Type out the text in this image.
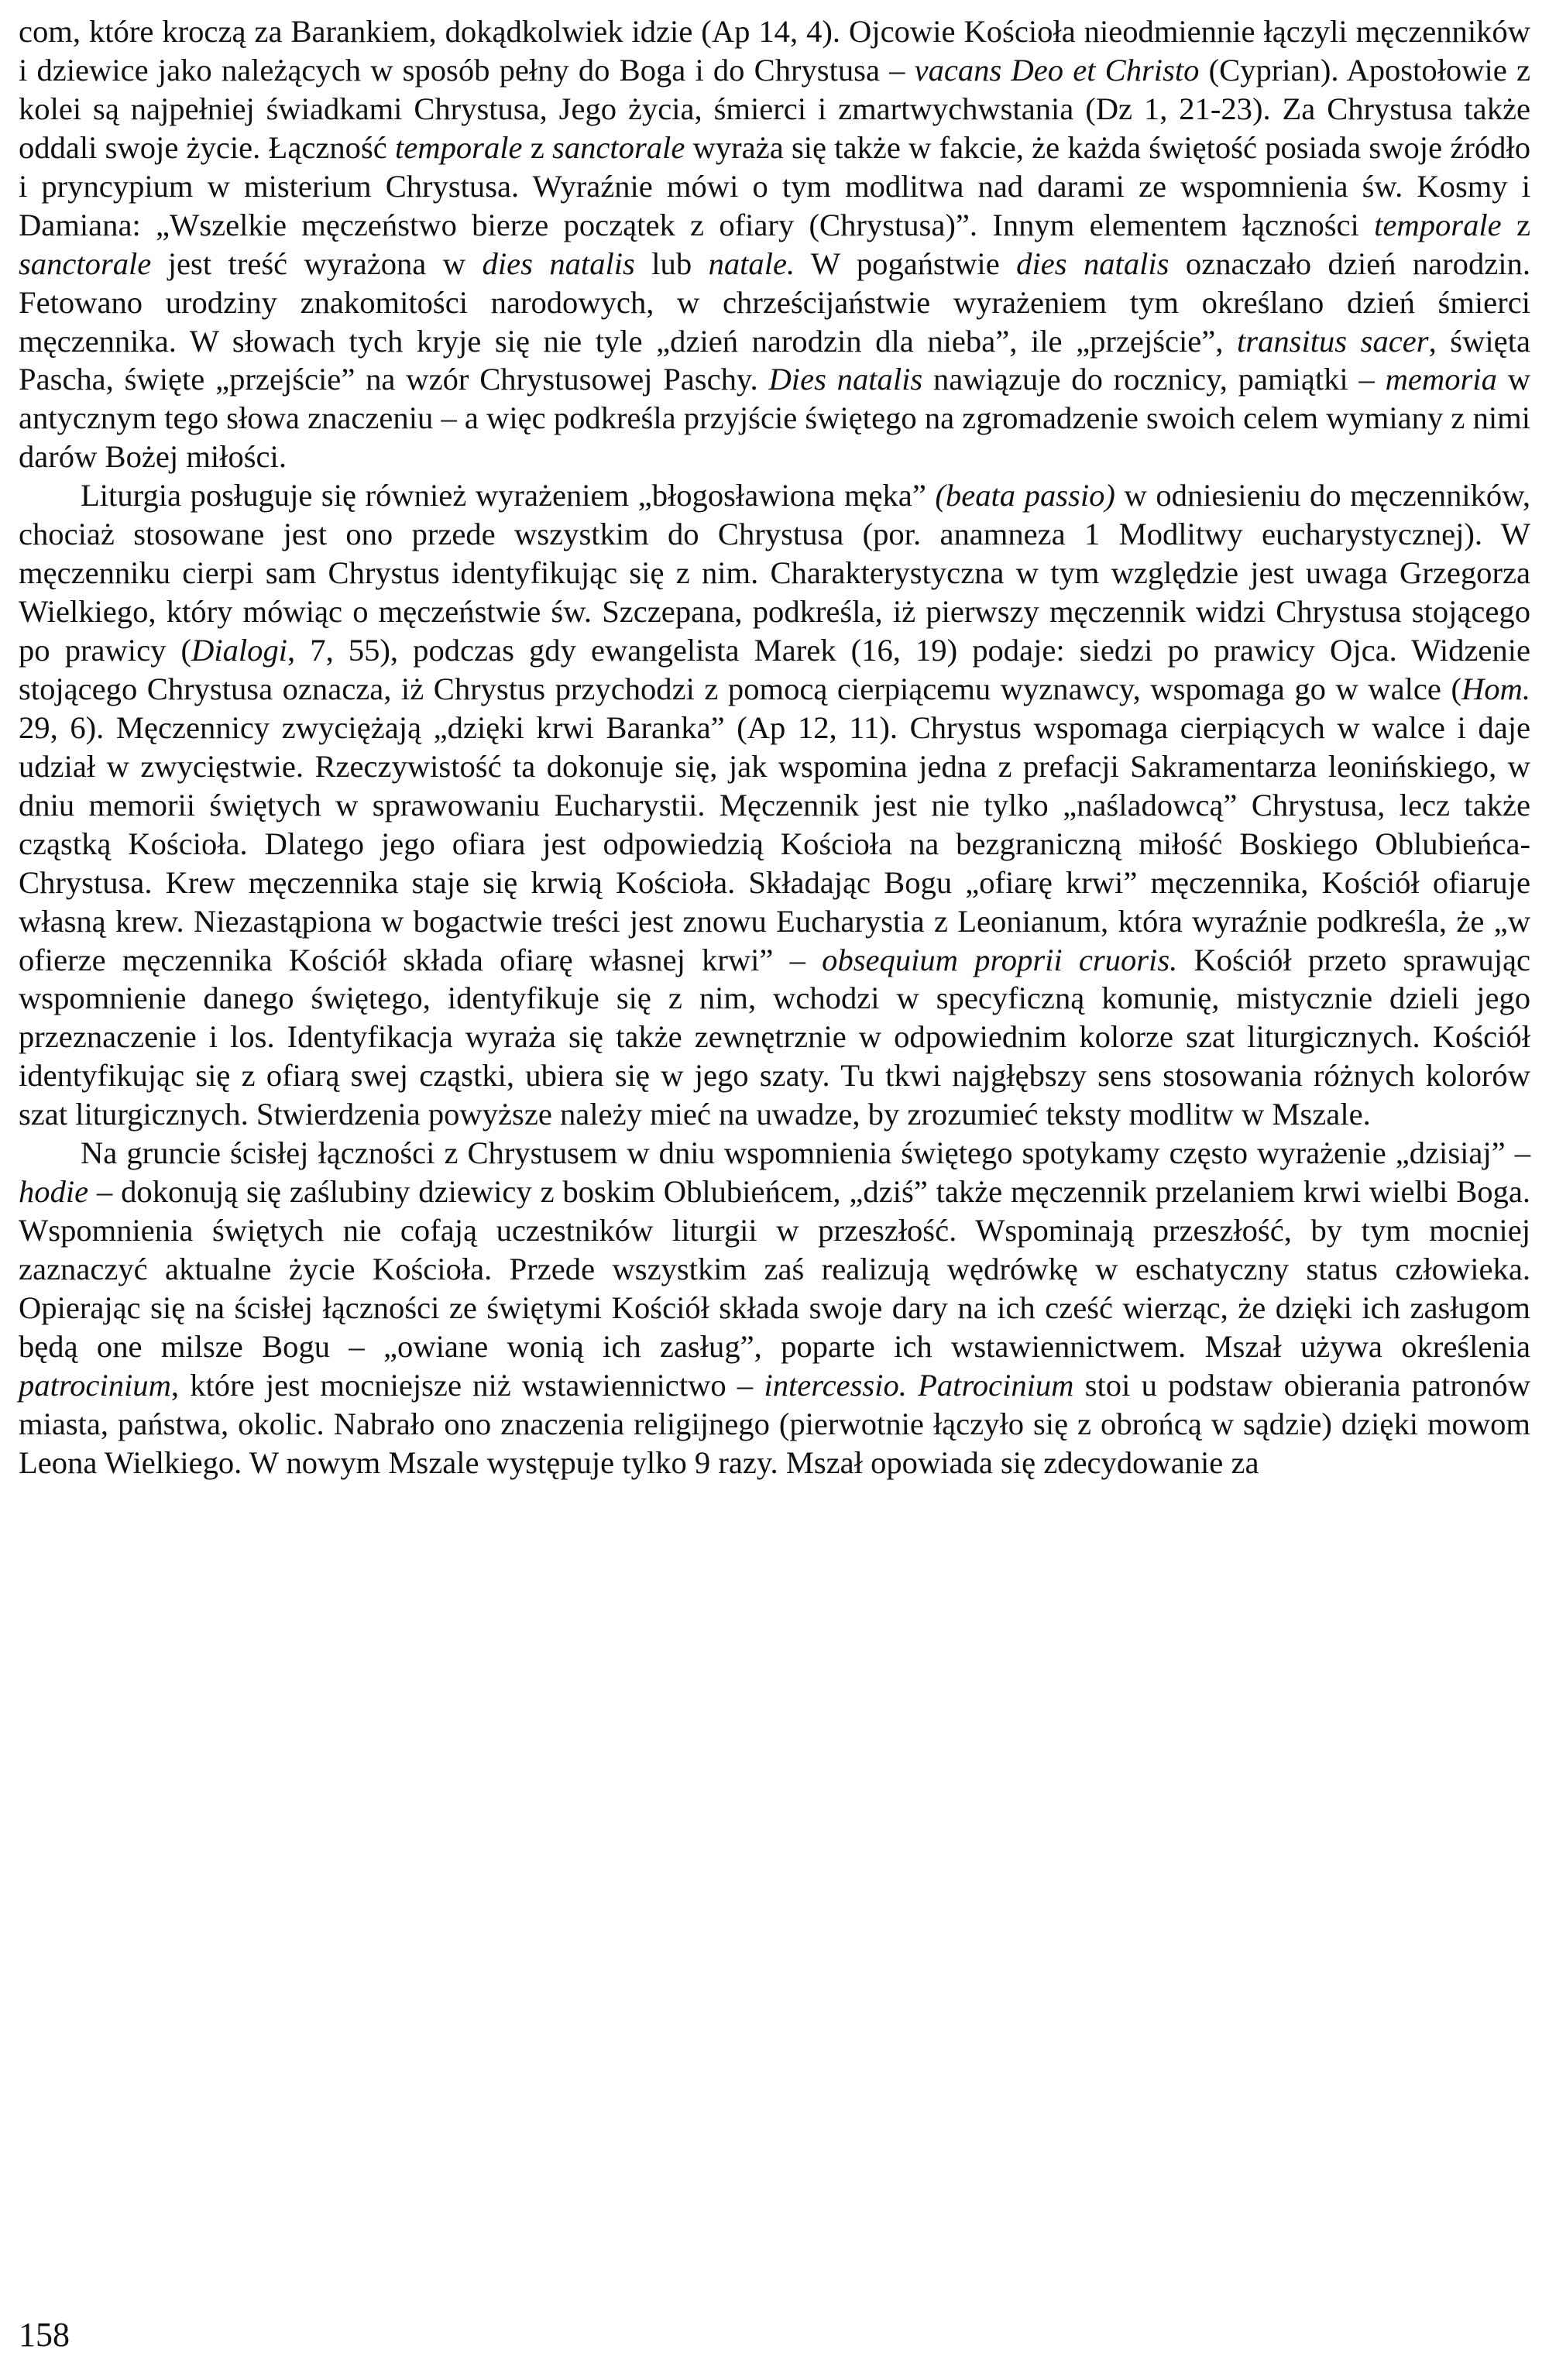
com, które kroczą za Barankiem, dokądkolwiek idzie (Ap 14, 4). Ojcowie Kościoła nieodmiennie łączyli męczenników i dziewice jako należących w sposób pełny do Boga i do Chrystusa – vacans Deo et Christo (Cyprian). Apostołowie z kolei są najpełniej świadkami Chrystusa, Jego życia, śmierci i zmartwychwstania (Dz 1, 21-23). Za Chrystusa także oddali swoje życie. Łączność temporale z sanctorale wyraża się także w fakcie, że każda świętość posiada swoje źródło i pryncypium w misterium Chrystusa. Wyraźnie mówi o tym modlitwa nad darami ze wspomnienia św. Kosmy i Damiana: „Wszelkie męczeństwo bierze początek z ofiary (Chrystusa)”. Innym elementem łączności temporale z sanctorale jest treść wyrażona w dies natalis lub natale. W pogaństwie dies natalis oznaczało dzień narodzin. Fetowano urodziny znakomitości narodowych, w chrześcijaństwie wyrażeniem tym określano dzień śmierci męczennika. W słowach tych kryje się nie tyle „dzień narodzin dla nieba”, ile „przejście”, transitus sacer, święta Pascha, święte „przejście” na wzór Chrystusowej Paschy. Dies natalis nawiązuje do rocznicy, pamiątki – memoria w antycznym tego słowa znaczeniu – a więc podkreśla przyjście świętego na zgromadzenie swoich celem wymiany z nimi darów Bożej miłości.

Liturgia posługuje się również wyrażeniem „błogosławiona męka” (beata passio) w odniesieniu do męczenników, chociaż stosowane jest ono przede wszystkim do Chrystusa (por. anamneza 1 Modlitwy eucharystycznej). W męczenniku cierpi sam Chrystus identyfikując się z nim. Charakterystyczna w tym względzie jest uwaga Grzegorza Wielkiego, który mówiąc o męczeństwie św. Szczepana, podkreśla, iż pierwszy męczennik widzi Chrystusa stojącego po prawicy (Dialogi, 7, 55), podczas gdy ewangelista Marek (16, 19) podaje: siedzi po prawicy Ojca. Widzenie stojącego Chrystusa oznacza, iż Chrystus przychodzi z pomocą cierpiącemu wyznawcy, wspomaga go w walce (Hom. 29, 6). Męczennicy zwyciężają „dzięki krwi Baranka” (Ap 12, 11). Chrystus wspomaga cierpiących w walce i daje udział w zwycięstwie. Rzeczywistość ta dokonuje się, jak wspomina jedna z prefacji Sakramentarza leonińskiego, w dniu memorii świętych w sprawowaniu Eucharystii. Męczennik jest nie tylko „naśladowcą” Chrystusa, lecz także cząstką Kościoła. Dlatego jego ofiara jest odpowiedzią Kościoła na bezgraniczną miłość Boskiego Oblubieńca-Chrystusa. Krew męczennika staje się krwią Kościoła. Składając Bogu „ofiarę krwi” męczennika, Kościół ofiaruje własną krew. Niezastąpiona w bogactwie treści jest znowu Eucharystia z Leonianum, która wyraźnie podkreśla, że „w ofierze męczennika Kościół składa ofiarę własnej krwi” – obsequium proprii cruoris. Kościół przeto sprawując wspomnienie danego świętego, identyfikuje się z nim, wchodzi w specyficzną komunię, mistycznie dzieli jego przeznaczenie i los. Identyfikacja wyraża się także zewnętrznie w odpowiednim kolorze szat liturgicznych. Kościół identyfikując się z ofiarą swej cząstki, ubiera się w jego szaty. Tu tkwi najgłębszy sens stosowania różnych kolorów szat liturgicznych. Stwierdzenia powyższe należy mieć na uwadze, by zrozumieć teksty modlitw w Mszale.

Na gruncie ścisłej łączności z Chrystusem w dniu wspomnienia świętego spotykamy często wyrażenie „dzisiaj” – hodie – dokonują się zaślubiny dziewicy z boskim Oblubieńcem, „dziś” także męczennik przelaniem krwi wielbi Boga. Wspomnienia świętych nie cofają uczestników liturgii w przeszłość. Wspominają przeszłość, by tym mocniej zaznaczyć aktualne życie Kościoła. Przede wszystkim zaś realizują wędrówkę w eschatyczny status człowieka. Opierając się na ścisłej łączności ze świętymi Kościół składa swoje dary na ich cześć wierząc, że dzięki ich zasługom będą one milsze Bogu – „owiane wonią ich zasług”, poparte ich wstawiennictwem. Mszał używa określenia patrocinium, które jest mocniejsze niż wstawiennictwo – intercessio. Patrocinium stoi u podstaw obierania patronów miasta, państwa, okolic. Nabrało ono znaczenia religijnego (pierwotnie łączyło się z obrońcą w sądzie) dzięki mowom Leona Wielkiego. W nowym Mszale występuje tylko 9 razy. Mszał opowiada się zdecydowanie za

158
